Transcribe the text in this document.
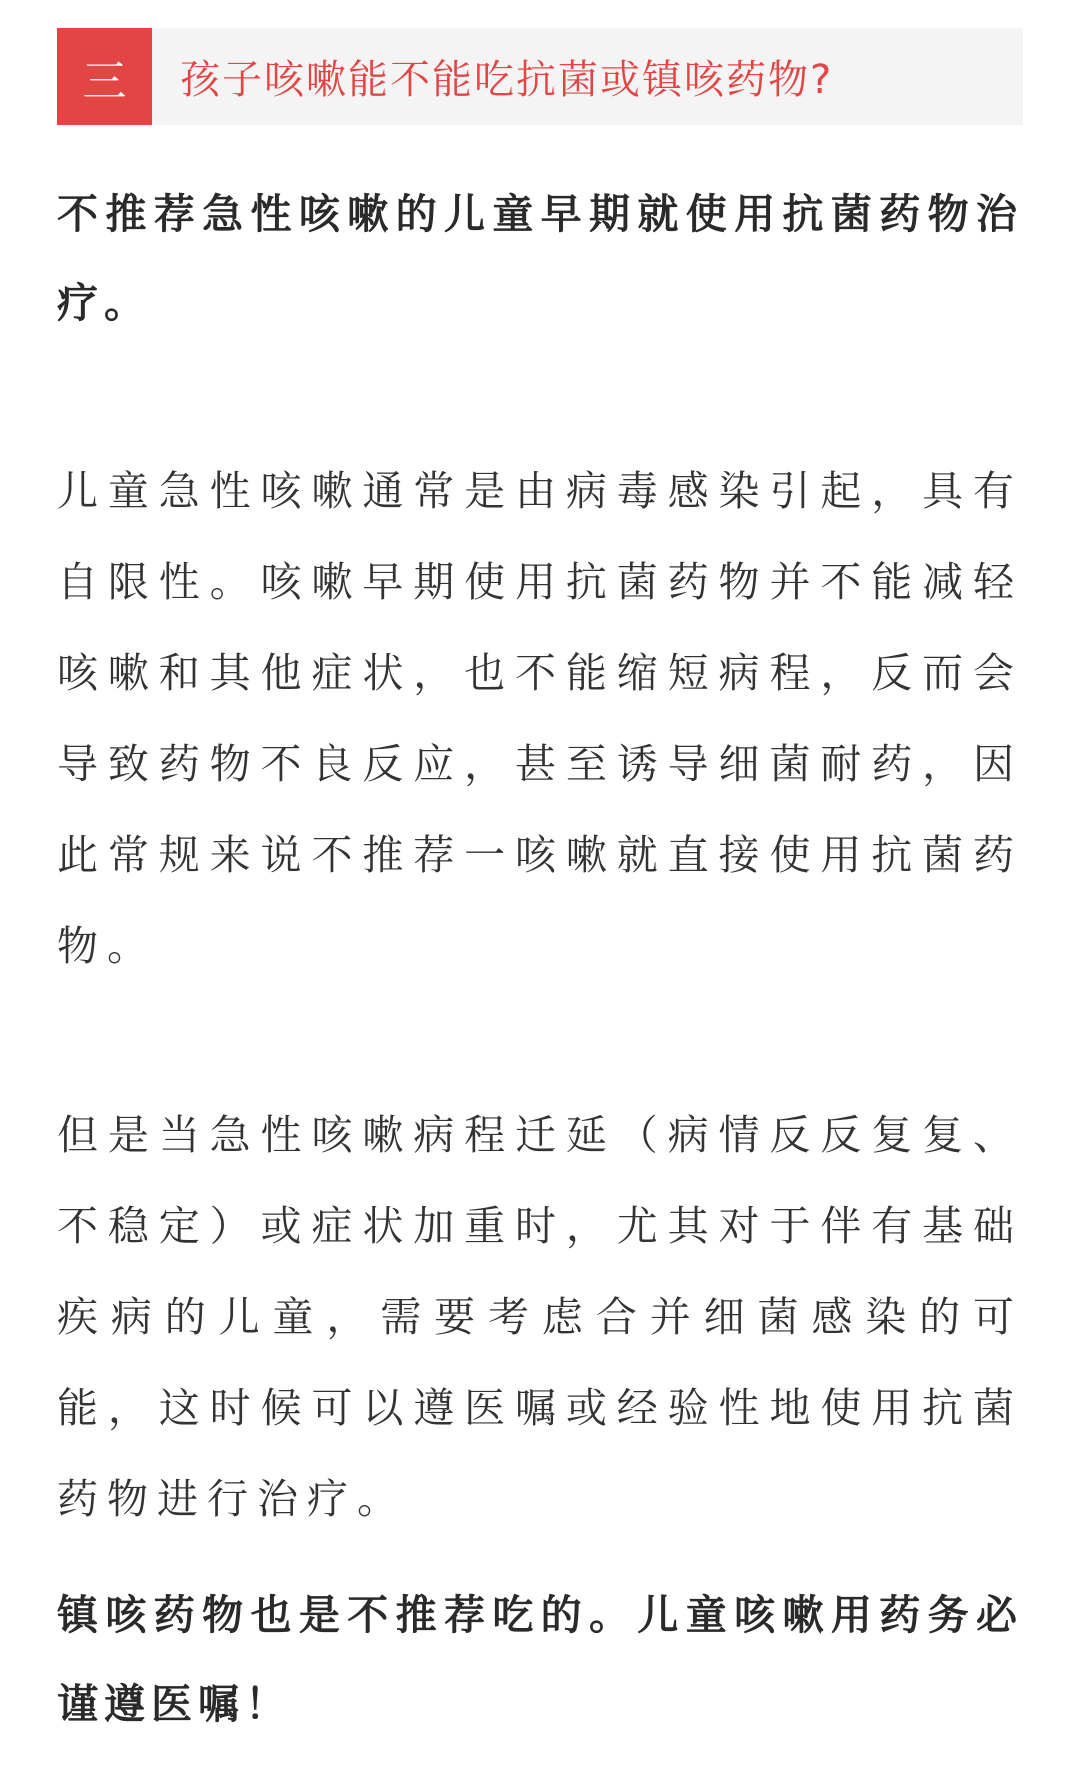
三	孩子咳嗽能不能吃抗菌或镇咳药物?

不推荐急性咳嗽的儿童早期就使用抗菌药物治疗。

儿童急性咳嗽通常是由病毒感染引起，具有自限性。咳嗽早期使用抗菌药物并不能减轻咳嗽和其他症状，也不能缩短病程，反而会导致药物不良反应，甚至诱导细菌耐药，因此常规来说不推荐一咳嗽就直接使用抗菌药物。

但是当急性咳嗽病程迁延（病情反反复复、不稳定）或症状加重时，尤其对于伴有基础疾病的儿童，需要考虑合并细菌感染的可能，这时候可以遵医嘱或经验性地使用抗菌药物进行治疗。

镇咳药物也是不推荐吃的。儿童咳嗽用药务必谨遵医嘱！
